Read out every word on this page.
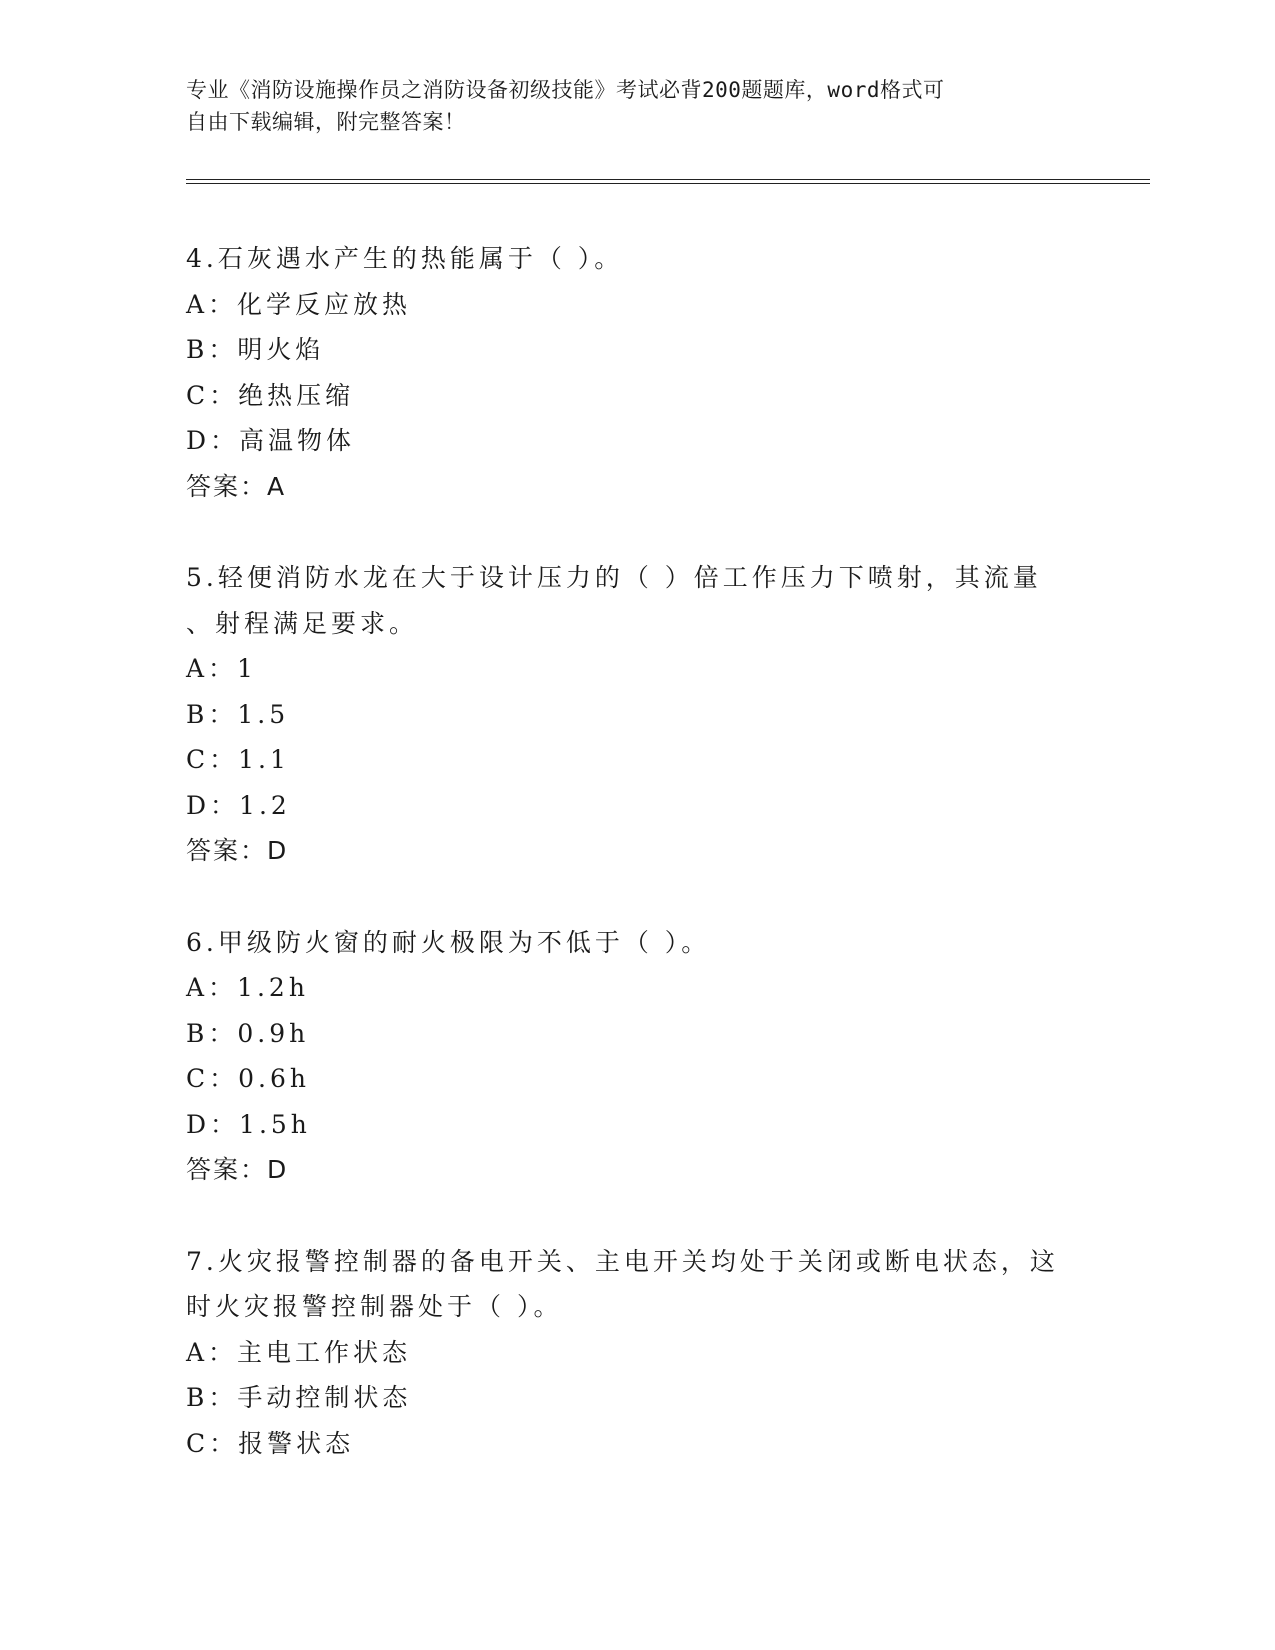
专业《消防设施操作员之消防设备初级技能》考试必背200题题库，word格式可
自由下载编辑，附完整答案！
4.石灰遇水产生的热能属于（ ）。
A：化学反应放热
B：明火焰
C：绝热压缩
D：高温物体
答案：A
5.轻便消防水龙在大于设计压力的（ ）倍工作压力下喷射，其流量
、射程满足要求。
A：1
B：1.5
C：1.1
D：1.2
答案：D
6.甲级防火窗的耐火极限为不低于（ ）。
A：1.2h
B：0.9h
C：0.6h
D：1.5h
答案：D
7.火灾报警控制器的备电开关、主电开关均处于关闭或断电状态，这
时火灾报警控制器处于（ ）。
A：主电工作状态
B：手动控制状态
C：报警状态
